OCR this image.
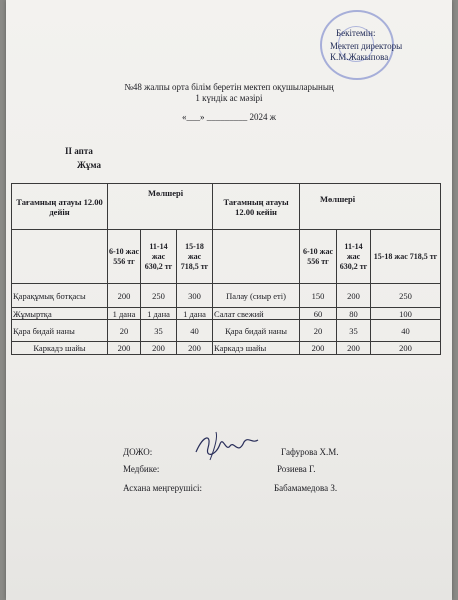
Бекітемін:
Мектеп директоры
К.М.Жакыпова
№48 жалпы орта білім беретін мектеп оқушыларының
1 күндік ас мәзірі
«___» _________ 2024 ж
II апта
Жұма
Тағамның атауы 12.00 дейін	Мөлшері			Тағамның атауы 12.00 кейін	Мөлшері		
	6-10 жас 556 тг	11-14 жас 630,2 тг	15-18 жас 718,5 тг		6-10 жас 556 тг	11-14 жас 630,2 тг	15-18 жас 718,5 тг
Қарақұмық ботқасы	200	250	300	Палау (сиыр еті)	150	200	250
Жұмыртқа	1 дана	1 дана	1 дана	Салат свежий	60	80	100
Қара бидай наны	20	35	40	Қара бидай наны	20	35	40
Каркадэ шайы	200	200	200	Каркадэ шайы	200	200	200
ДОЖО:	Гафурова Х.М.
Медбике:	Розиева Г.
Асхана меңгерушісі:	Бабамамедова З.
